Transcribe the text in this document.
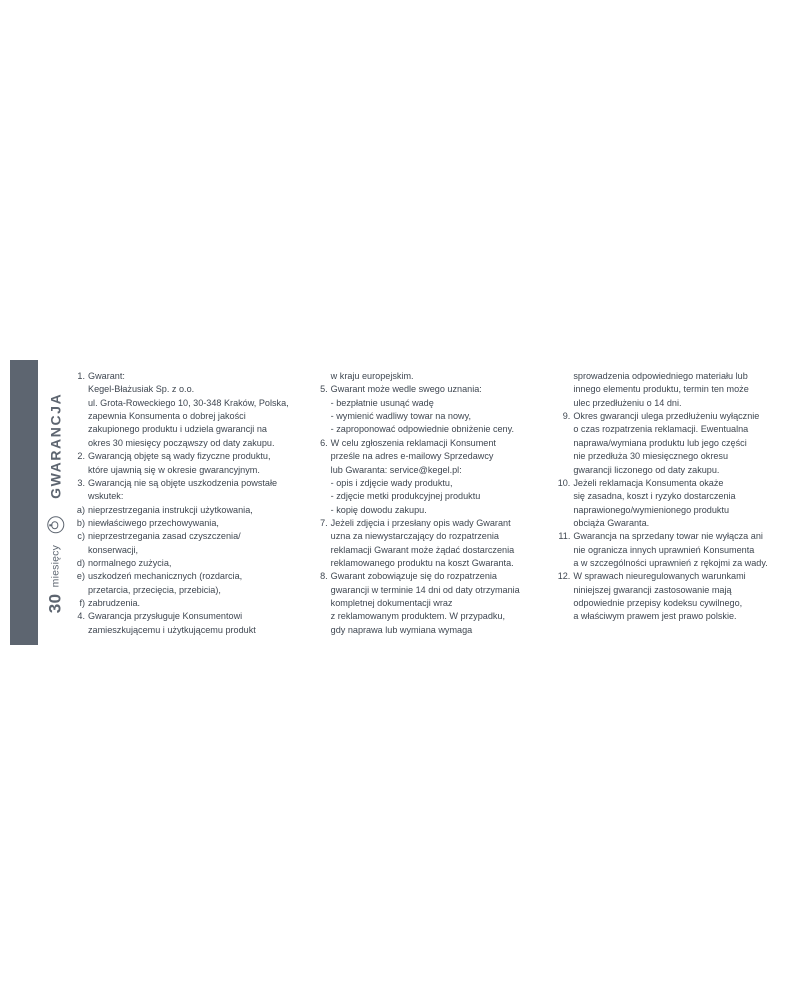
30
miesięcy
GWARANCJA
1. Gwarant:
Kegel-Błażusiak Sp. z o.o.
ul. Grota-Roweckiego 10, 30-348 Kraków, Polska,
zapewnia Konsumenta o dobrej jakości
zakupionego produktu i udziela gwarancji na
okres 30 miesięcy począwszy od daty zakupu.
2. Gwarancją objęte są wady fizyczne produktu,
które ujawnią się w okresie gwarancyjnym.
3. Gwarancją nie są objęte uszkodzenia powstałe
wskutek:
a) nieprzestrzegania instrukcji użytkowania,
b) niewłaściwego przechowywania,
c) nieprzestrzegania zasad czyszczenia/
konserwacji,
d) normalnego zużycia,
e) uszkodzeń mechanicznych (rozdarcia,
przetarcia, przecięcia, przebicia),
f) zabrudzenia.
4. Gwarancja przysługuje Konsumentowi
zamieszkującemu i użytkującemu produkt
w kraju europejskim.
5. Gwarant może wedle swego uznania:
- bezpłatnie usunąć wadę
- wymienić wadliwy towar na nowy,
- zaproponować odpowiednie obniżenie ceny.
6. W celu zgłoszenia reklamacji Konsument
prześle na adres e-mailowy Sprzedawcy
lub Gwaranta: service@kegel.pl:
- opis i zdjęcie wady produktu,
- zdjęcie metki produkcyjnej produktu
- kopię dowodu zakupu.
7. Jeżeli zdjęcia i przesłany opis wady Gwarant
uzna za niewystarczający do rozpatrzenia
reklamacji Gwarant może żądać dostarczenia
reklamowanego produktu na koszt Gwaranta.
8. Gwarant zobowiązuje się do rozpatrzenia
gwarancji w terminie 14 dni od daty otrzymania
kompletnej dokumentacji wraz
z reklamowanym produktem. W przypadku,
gdy naprawa lub wymiana wymaga
sprowadzenia odpowiedniego materiału lub
innego elementu produktu, termin ten może
ulec przedłużeniu o 14 dni.
9. Okres gwarancji ulega przedłużeniu wyłącznie
o czas rozpatrzenia reklamacji. Ewentualna
naprawa/wymiana produktu lub jego części
nie przedłuża 30 miesięcznego okresu
gwarancji liczonego od daty zakupu.
10. Jeżeli reklamacja Konsumenta okaże
się zasadna, koszt i ryzyko dostarczenia
naprawionego/wymienionego produktu
obciąża Gwaranta.
11. Gwarancja na sprzedany towar nie wyłącza ani
nie ogranicza innych uprawnień Konsumenta
a w szczególności uprawnień z rękojmi za wady.
12. W sprawach nieuregulowanych warunkami
niniejszej gwarancji zastosowanie mają
odpowiednie przepisy kodeksu cywilnego,
a właściwym prawem jest prawo polskie.
